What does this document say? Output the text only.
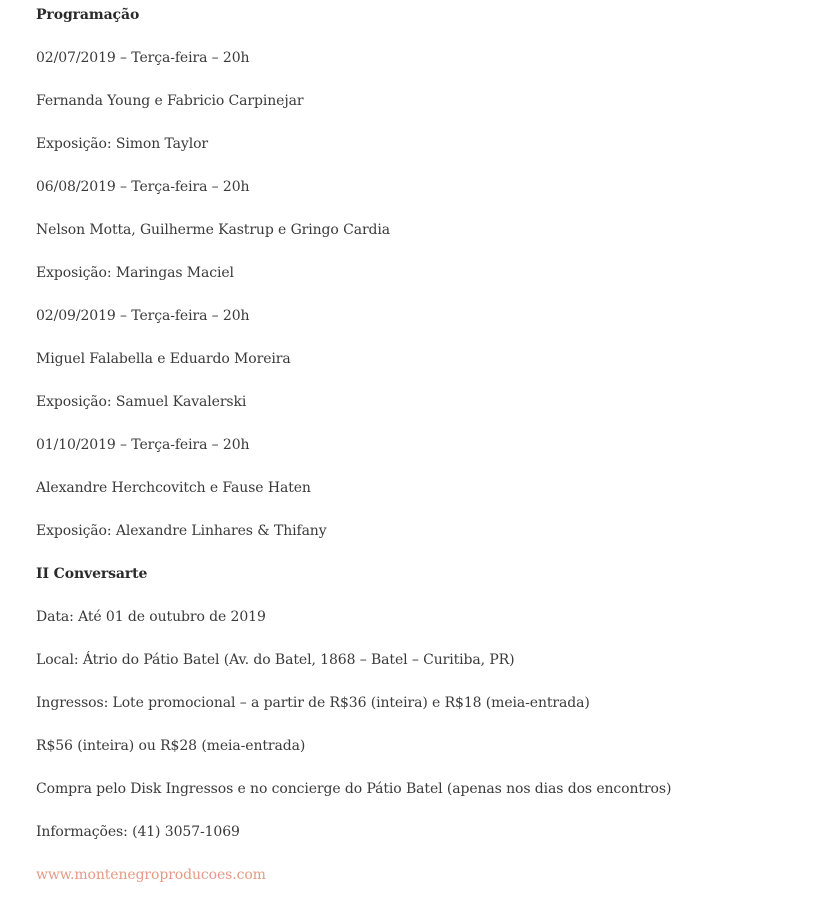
Programação
02/07/2019 – Terça-feira – 20h
Fernanda Young e Fabricio Carpinejar
Exposição: Simon Taylor
06/08/2019 – Terça-feira – 20h
Nelson Motta, Guilherme Kastrup e Gringo Cardia
Exposição: Maringas Maciel
02/09/2019 – Terça-feira – 20h
Miguel Falabella e Eduardo Moreira
Exposição: Samuel Kavalerski
01/10/2019 – Terça-feira – 20h
Alexandre Herchcovitch e Fause Haten
Exposição: Alexandre Linhares & Thifany
II Conversarte
Data: Até 01 de outubro de 2019
Local: Átrio do Pátio Batel (Av. do Batel, 1868 – Batel – Curitiba, PR)
Ingressos: Lote promocional – a partir de R$36 (inteira) e R$18 (meia-entrada)
R$56 (inteira) ou R$28 (meia-entrada)
Compra pelo Disk Ingressos e no concierge do Pátio Batel (apenas nos dias dos encontros)
Informações: (41) 3057-1069
www.montenegroproducoes.com
